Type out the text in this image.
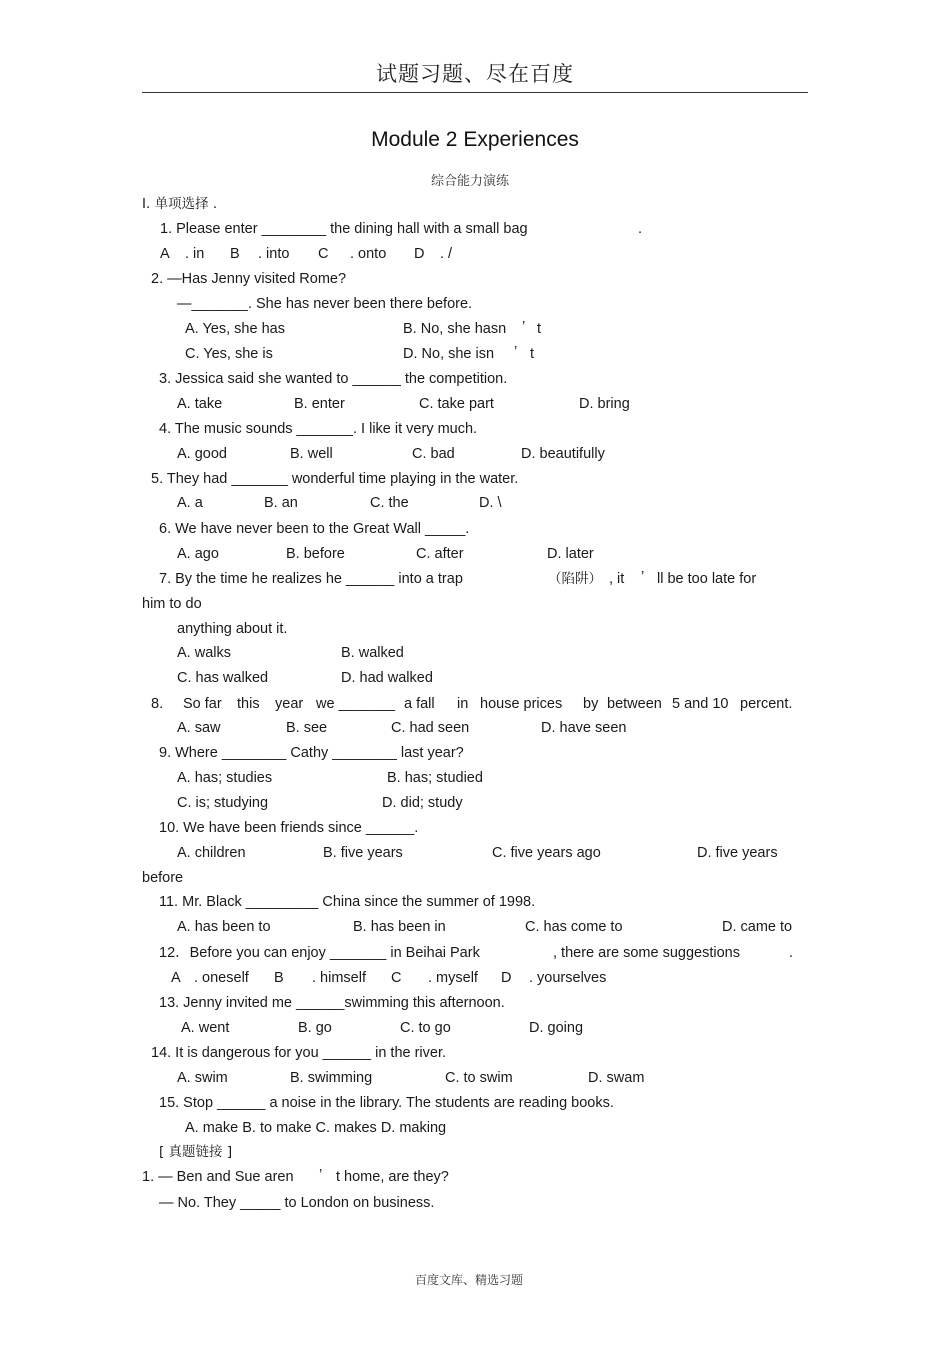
试题习题、尽在百度
Module 2 Experiences
综合能力演练
I. 单项选择 .
1. Please enter ________ the dining hall with a small bag	.
A . in B . into C . onto D . /
2. —Has Jenny visited Rome?
—_______. She has never been there before.
A. Yes, she has	B. No, she hasn ’ t
C. Yes, she is	D. No, she isn ’ t
3. Jessica said she wanted to ______ the competition.
A. take	B. enter	C. take part	D. bring
4. The music sounds _______. I like it very much.
A. good	B. well	C. bad	D. beautifully
5. They had _______ wonderful time playing in the water.
A. a	B. an	C. the	D. \
6. We have never been to the Great Wall _____.
A. ago	B. before	C. after	D. later
7. By the time he realizes he ______ into a trap	（陷阱） , it ’ ll be too late for
him to do
anything about it.
A. walks	B. walked
C. has walked	D. had walked
8. So far this year we _______ a fall in house prices by between 5 and 10 percent.
A. saw	B. see	C. had seen	D. have seen
9. Where ________ Cathy ________ last year?
A. has; studies	B. has; studied
C. is; studying	D. did; study
10. We have been friends since ______.
A. children	B. five years	C. five years ago	D. five years
before
11. Mr. Black _________ China since the summer of 1998.
A. has been to	B. has been in	C. has come to	D. came to
12．Before you can enjoy _______ in Beihai Park	, there are some suggestions	.
A . oneself B . himself C . myself D . yourselves
13. Jenny invited me ______swimming this afternoon.
A. went	B. go	C. to go	D. going
14. It is dangerous for you ______ in the river.
A. swim	B. swimming	C. to swim	D. swam
15. Stop ______ a noise in the library. The students are reading books.
A. make B. to make C. makes D. making
[ 真题链接 ]
1. — Ben and Sue aren ’ t home, are they?
— No. They _____ to London on business.
百度文库、精选习题
